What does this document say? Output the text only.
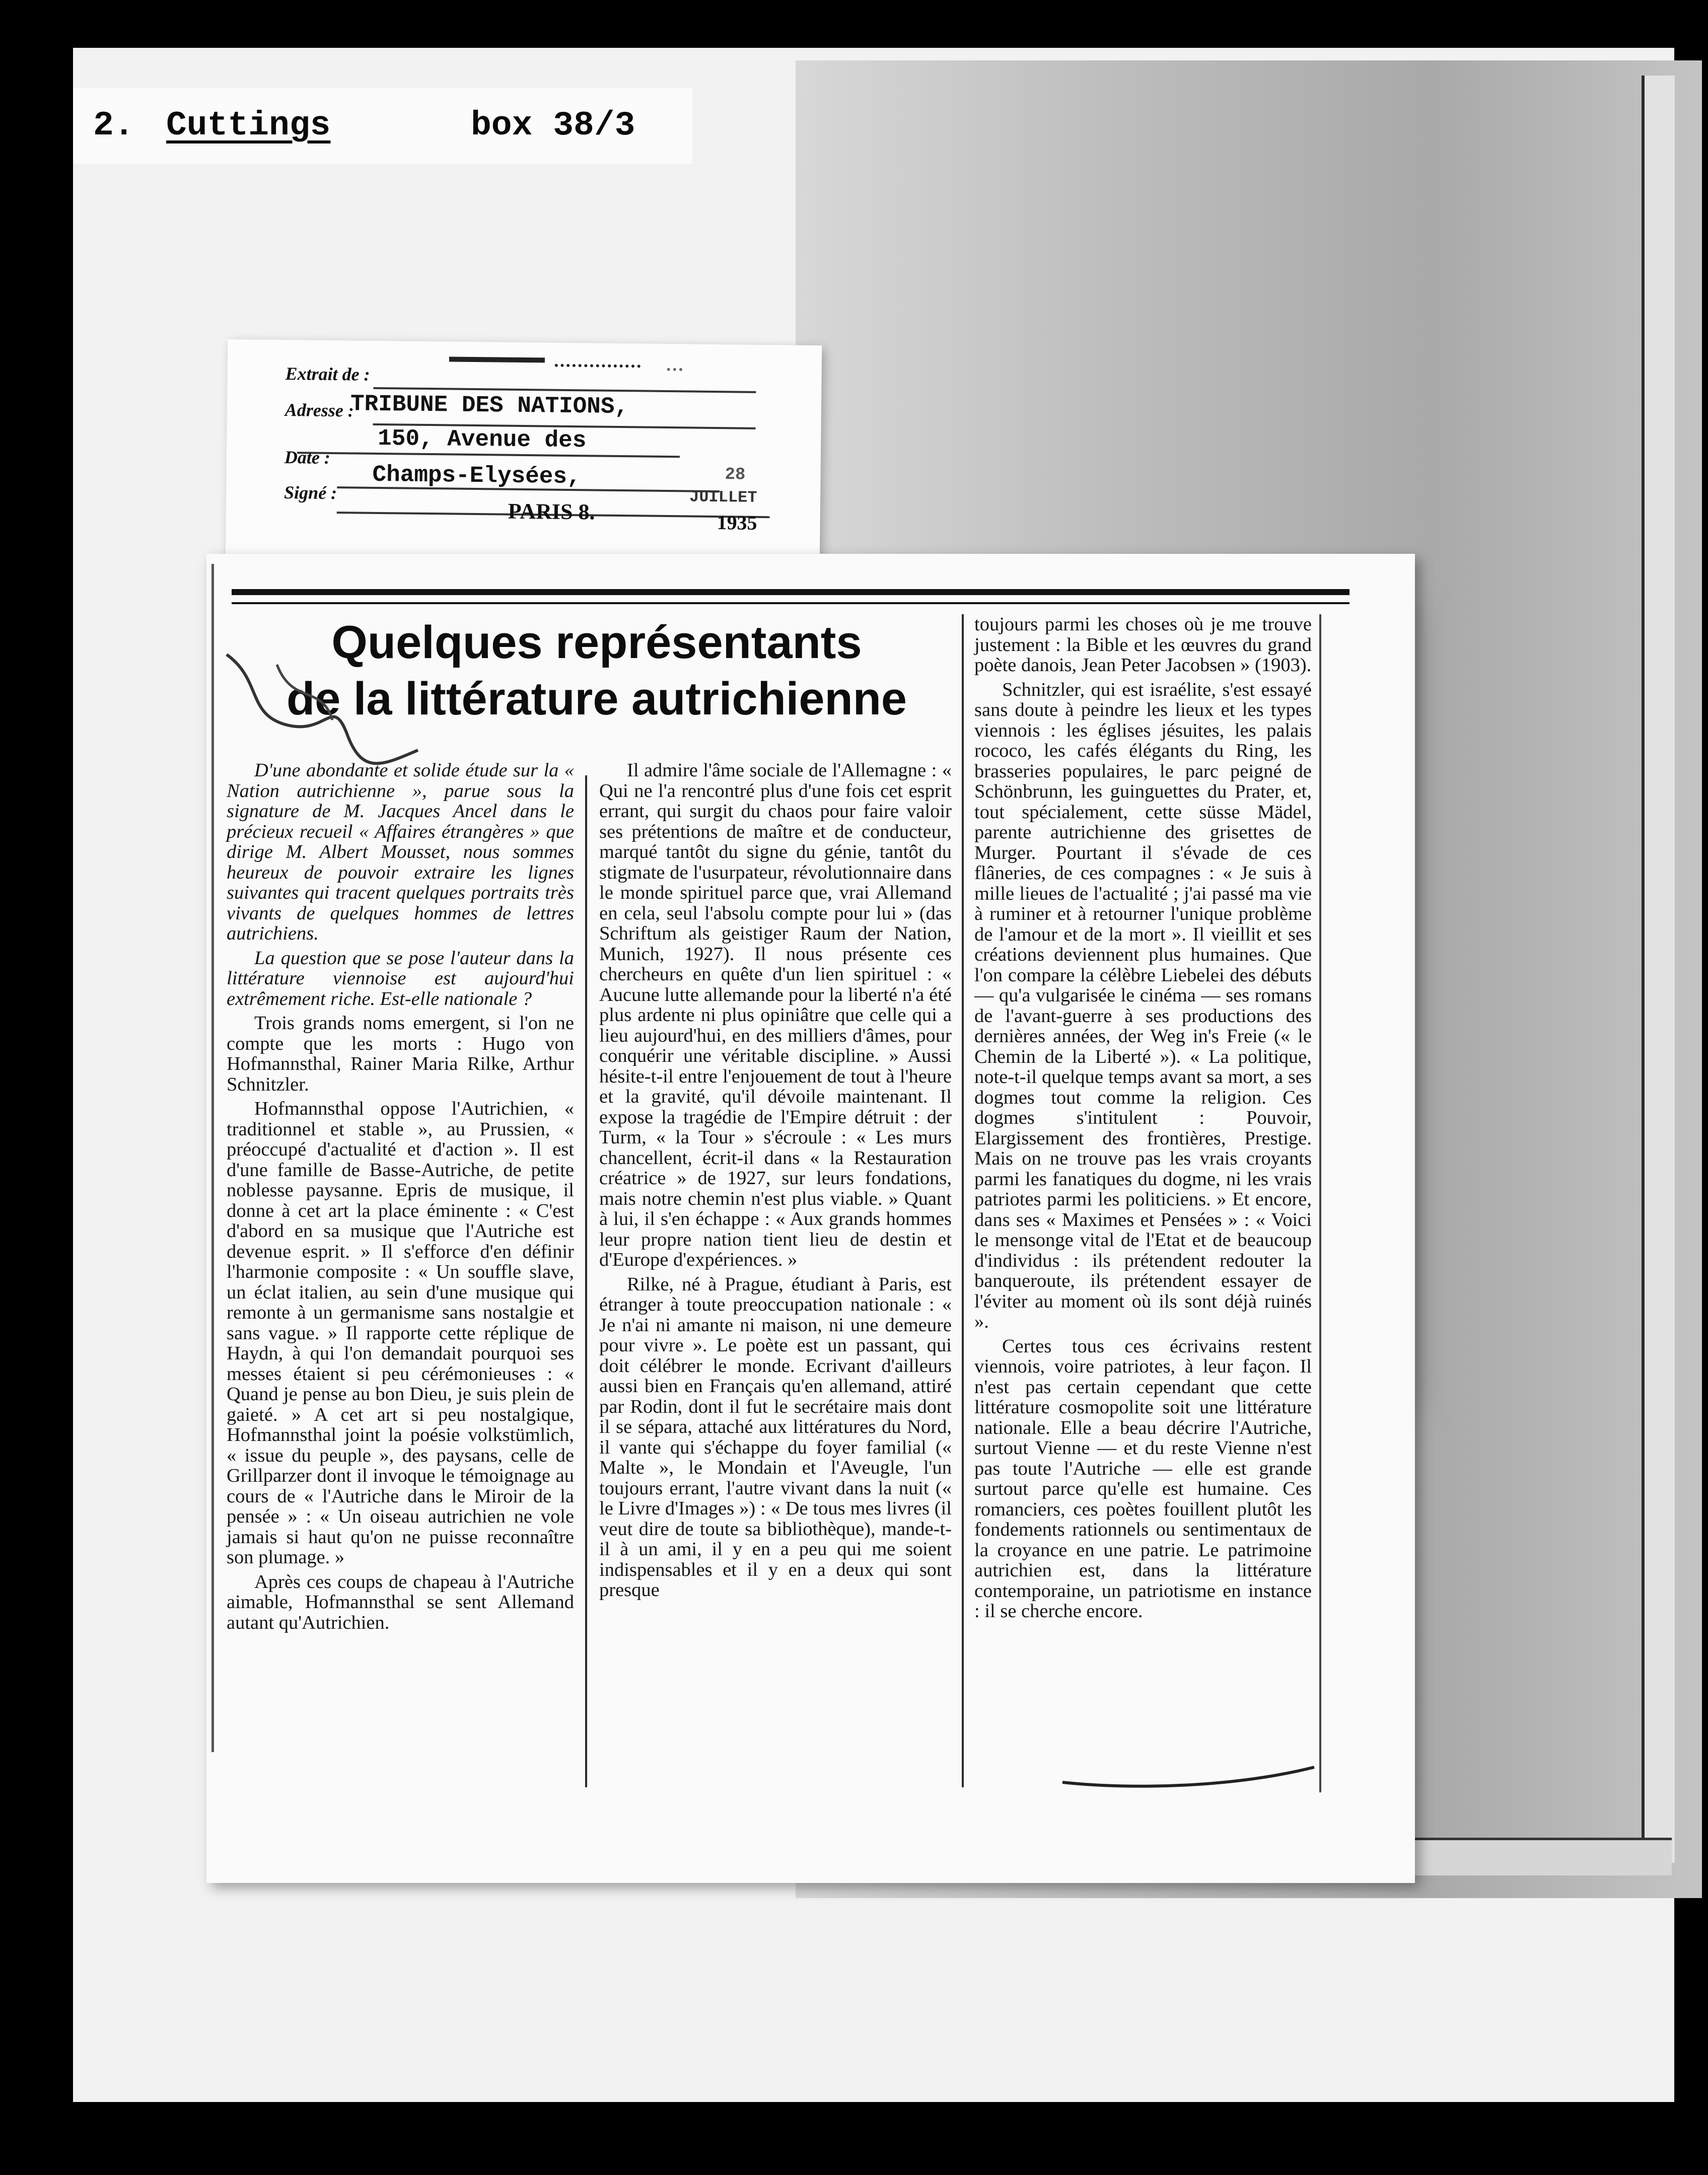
2. Cuttings	box 38/3
…
Extrait de :
Adresse :
Date :
Signé :
TRIBUNE DES NATIONS,
150, Avenue des
Champs-Elysées,
PARIS 8.
28
JUILLET
1935
Quelques représentants
de la littérature autrichienne

D'une abondante et solide étude sur la « Nation autrichienne », parue sous la signature de M. Jacques Ancel dans le précieux recueil « Affaires étrangères » que dirige M. Albert Mousset, nous sommes heureux de pouvoir extraire les lignes suivantes qui tracent quelques portraits très vivants de quelques hommes de lettres autrichiens.

La question que se pose l'auteur dans la littérature viennoise est aujourd'hui extrêmement riche. Est-elle nationale ?

Trois grands noms emergent, si l'on ne compte que les morts : Hugo von Hofmannsthal, Rainer Maria Rilke, Arthur Schnitzler.

Hofmannsthal oppose l'Autrichien, « traditionnel et stable », au Prussien, « préoccupé d'actualité et d'action ». Il est d'une famille de Basse-Autriche, de petite noblesse paysanne. Epris de musique, il donne à cet art la place éminente : « C'est d'abord en sa musique que l'Autriche est devenue esprit. » Il s'efforce d'en définir l'harmonie composite : « Un souffle slave, un éclat italien, au sein d'une musique qui remonte à un germanisme sans nostalgie et sans vague. » Il rapporte cette réplique de Haydn, à qui l'on demandait pourquoi ses messes étaient si peu cérémonieuses : « Quand je pense au bon Dieu, je suis plein de gaieté. » A cet art si peu nostalgique, Hofmannsthal joint la poésie volkstümlich, « issue du peuple », des paysans, celle de Grillparzer dont il invoque le témoignage au cours de « l'Autriche dans le Miroir de la pensée » : « Un oiseau autrichien ne vole jamais si haut qu'on ne puisse reconnaître son plumage. »

Après ces coups de chapeau à l'Autriche aimable, Hofmannsthal se sent Allemand autant qu'Autrichien.

Il admire l'âme sociale de l'Allemagne : « Qui ne l'a rencontré plus d'une fois cet esprit errant, qui surgit du chaos pour faire valoir ses prétentions de maître et de conducteur, marqué tantôt du signe du génie, tantôt du stigmate de l'usurpateur, révolutionnaire dans le monde spirituel parce que, vrai Allemand en cela, seul l'absolu compte pour lui » (das Schriftum als geistiger Raum der Nation, Munich, 1927). Il nous présente ces chercheurs en quête d'un lien spirituel : « Aucune lutte allemande pour la liberté n'a été plus ardente ni plus opiniâtre que celle qui a lieu aujourd'hui, en des milliers d'âmes, pour conquérir une véritable discipline. » Aussi hésite-t-il entre l'enjouement de tout à l'heure et la gravité, qu'il dévoile maintenant. Il expose la tragédie de l'Empire détruit : der Turm, « la Tour » s'écroule : « Les murs chancellent, écrit-il dans « la Restauration créatrice » de 1927, sur leurs fondations, mais notre chemin n'est plus viable. » Quant à lui, il s'en échappe : « Aux grands hommes leur propre nation tient lieu de destin et d'Europe d'expériences. »

Rilke, né à Prague, étudiant à Paris, est étranger à toute preoccupation nationale : « Je n'ai ni amante ni maison, ni une demeure pour vivre ». Le poète est un passant, qui doit célébrer le monde. Ecrivant d'ailleurs aussi bien en Français qu'en allemand, attiré par Rodin, dont il fut le secrétaire mais dont il se sépara, attaché aux littératures du Nord, il vante qui s'échappe du foyer familial (« Malte », le Mondain et l'Aveugle, l'un toujours errant, l'autre vivant dans la nuit (« le Livre d'Images ») : « De tous mes livres (il veut dire de toute sa bibliothèque), mande-t-il à un ami, il y en a peu qui me soient indispensables et il y en a deux qui sont presque

toujours parmi les choses où je me trouve justement : la Bible et les œuvres du grand poète danois, Jean Peter Jacobsen » (1903).

Schnitzler, qui est israélite, s'est essayé sans doute à peindre les lieux et les types viennois : les églises jésuites, les palais rococo, les cafés élégants du Ring, les brasseries populaires, le parc peigné de Schönbrunn, les guinguettes du Prater, et, tout spécialement, cette süsse Mädel, parente autrichienne des grisettes de Murger. Pourtant il s'évade de ces flâneries, de ces compagnes : « Je suis à mille lieues de l'actualité ; j'ai passé ma vie à ruminer et à retourner l'unique problème de l'amour et de la mort ». Il vieillit et ses créations deviennent plus humaines. Que l'on compare la célèbre Liebelei des débuts — qu'a vulgarisée le cinéma — ses romans de l'avant-guerre à ses productions des dernières années, der Weg in's Freie (« le Chemin de la Liberté »). « La politique, note-t-il quelque temps avant sa mort, a ses dogmes tout comme la religion. Ces dogmes s'intitulent : Pouvoir, Elargissement des frontières, Prestige. Mais on ne trouve pas les vrais croyants parmi les fanatiques du dogme, ni les vrais patriotes parmi les politiciens. » Et encore, dans ses « Maximes et Pensées » : « Voici le mensonge vital de l'Etat et de beaucoup d'individus : ils prétendent redouter la banqueroute, ils prétendent essayer de l'éviter au moment où ils sont déjà ruinés ».

Certes tous ces écrivains restent viennois, voire patriotes, à leur façon. Il n'est pas certain cependant que cette littérature cosmopolite soit une littérature nationale. Elle a beau décrire l'Autriche, surtout Vienne — et du reste Vienne n'est pas toute l'Autriche — elle est grande surtout parce qu'elle est humaine. Ces romanciers, ces poètes fouillent plutôt les fondements rationnels ou sentimentaux de la croyance en une patrie. Le patrimoine autrichien est, dans la littérature contemporaine, un patriotisme en instance : il se cherche encore.
